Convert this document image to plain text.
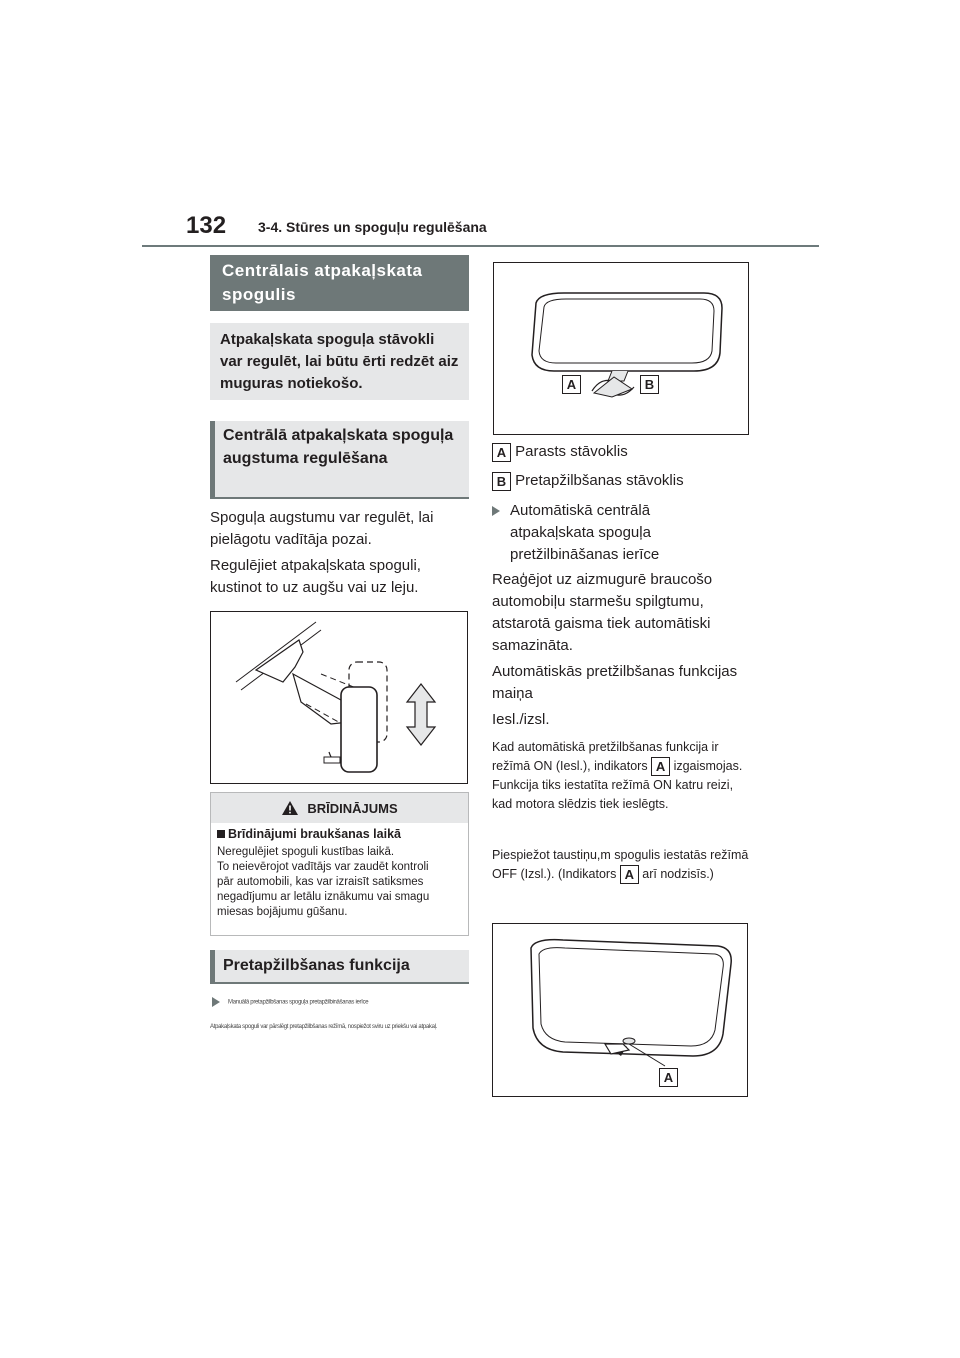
132 3-4. Stūres un spoguļu regulēšana
Centrālais atpakaļskata spogulis
Atpakaļskata spoguļa stāvokli var regulēt, lai būtu ērti redzēt aiz muguras notiekošo.
Centrālā atpakaļskata spoguļa augstuma regulēšana
Spoguļa augstumu var regulēt, lai pielāgotu vadītāja pozai.
Regulējiet atpakaļskata spoguli, kustinot to uz augšu vai uz leju.
BRĪDINĀJUMS
Brīdinājumi braukšanas laikā
Neregulējiet spoguli kustības laikā.
To neievērojot vadītājs var zaudēt kontroli
pār automobili, kas var izraisīt satiksmes
negadījumu ar letālu iznākumu vai smagu
miesas bojājumu gūšanu.
Pretapžilbšanas funkcija
Manuālā pretapžilbšanas spoguļa pretapžilbināšanas ierīce
Atpakaļskata spoguli var pārslēgt pretapžilbšanas režīmā, nospiežot sviru uz priekšu vai atpakaļ.
A	B
A Parasts stāvoklis
B Pretapžilbšanas stāvoklis
Automātiskā centrālā atpakaļskata spoguļa pretžilbināšanas ierīce
Reaģējot uz aizmugurē braucošo automobiļu starmešu spilgtumu, atstarotā gaisma tiek automātiski samazināta.
Automātiskās pretžilbšanas funkcijas maiņa
Iesl./izsl.
Kad automātiskā pretžilbšanas funkcija ir režīmā ON (Iesl.), indikators A izgaismojas. Funkcija tiks iestatīta režīmā ON katru reizi, kad motora slēdzis tiek ieslēgts.
Piespiežot taustiņu,m spogulis iestatās režīmā OFF (Izsl.). (Indikators A arī nodzisīs.)
A
